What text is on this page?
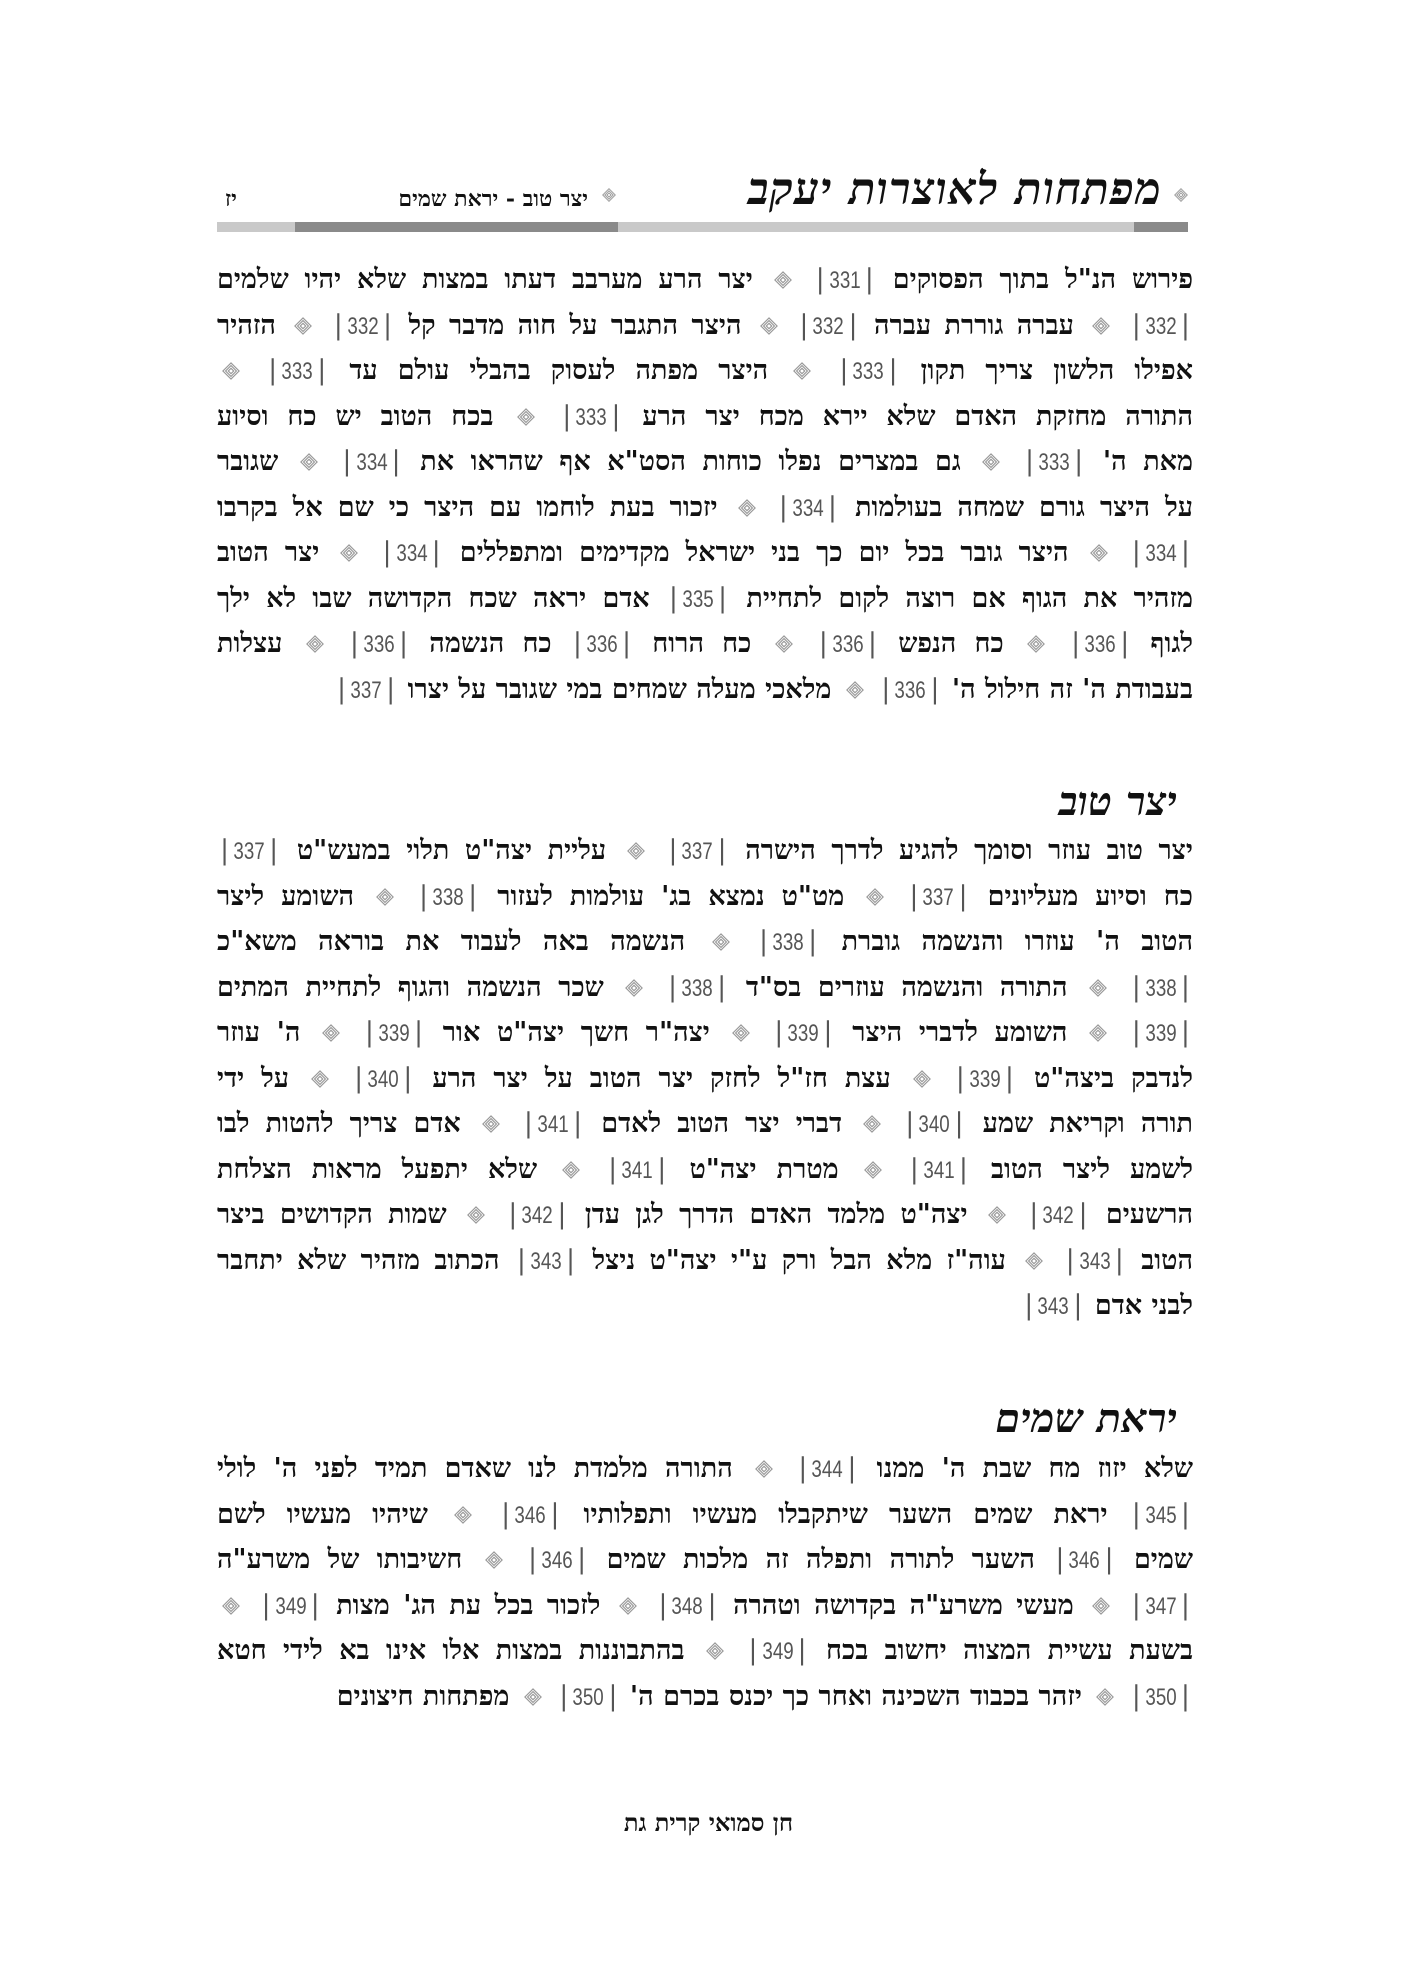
מפתחות לאוצרות יעקב
יצר טוב - יראת שמים
יז
פירוש הנ"ל בתוך הפסוקים |331|  יצר הרע מערבב דעתו במצות שלא יהיו שלמים
|332|  עברה גוררת עברה |332|  היצר התגבר על חוה מדבר קל |332|  הזהיר
אפילו הלשון צריך תקון |333|  היצר מפתה לעסוק בהבלי עולם עד |333|
התורה מחזקת האדם שלא יירא מכח יצר הרע |333|  בכח הטוב יש כח וסיוע
מאת ה' |333|  גם במצרים נפלו כוחות הסט"א אף שהראו את |334|  שגובר
על היצר גורם שמחה בעולמות |334|  יזכור בעת לוחמו עם היצר כי שם אל בקרבו
|334|  היצר גובר בכל יום כך בני ישראל מקדימים ומתפללים |334|  יצר הטוב
מזהיר את הגוף אם רוצה לקום לתחיית |335| אדם יראה שכח הקדושה שבו לא ילך
לגוף |336|  כח הנפש |336|  כח הרוח |336| כח הנשמה |336|  עצלות
בעבודת ה' זה חילול ה' |336|  מלאכי מעלה שמחים במי שגובר על יצרו |337|
יצר טוב
יצר טוב עוזר וסומך להגיע לדרך הישרה |337|  עליית יצה"ט תלוי במעש"ט |337|
כח וסיוע מעליונים |337|  מט"ט נמצא בג' עולמות לעזור |338|  השומע ליצר
הטוב ה' עוזרו והנשמה גוברת |338|  הנשמה באה לעבוד את בוראה משא"כ
|338|  התורה והנשמה עוזרים בס"ד |338|  שכר הנשמה והגוף לתחיית המתים
|339|  השומע לדברי היצר |339|  יצה"ר חשך יצה"ט אור |339|  ה' עוזר
לנדבק ביצה"ט |339|  עצת חז"ל לחזק יצר הטוב על יצר הרע |340|  על ידי
תורה וקריאת שמע |340|  דברי יצר הטוב לאדם |341|  אדם צריך להטות לבו
לשמע ליצר הטוב |341|  מטרת יצה"ט |341|  שלא יתפעל מראות הצלחת
הרשעים |342|  יצה"ט מלמד האדם הדרך לגן עדן |342|  שמות הקדושים ביצר
הטוב |343|  עוה"ז מלא הבל ורק ע"י יצה"ט ניצל |343| הכתוב מזהיר שלא יתחבר
לבני אדם |343|
יראת שמים
שלא יזוז מח שבת ה' ממנו |344|  התורה מלמדת לנו שאדם תמיד לפני ה' לולי
|345| יראת שמים השער שיתקבלו מעשיו ותפלותיו |346|  שיהיו מעשיו לשם
שמים |346| השער לתורה ותפלה זה מלכות שמים |346|  חשיבותו של משרע"ה
|347|  מעשי משרע"ה בקדושה וטהרה |348|  לזכור בכל עת הג' מצות |349|
בשעת עשיית המצוה יחשוב בכח |349|  בהתבוננות במצות אלו אינו בא לידי חטא
|350|  יזהר בכבוד השכינה ואחר כך יכנס בכרם ה' |350|  מפתחות חיצונים
חן סמואי קרית גת
